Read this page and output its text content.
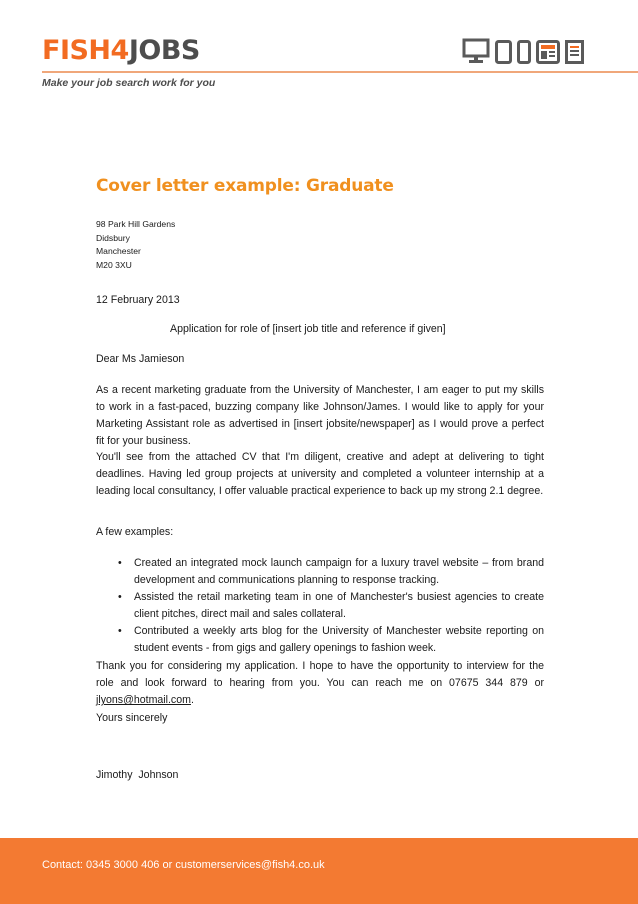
FISH4JOBS
Make your job search work for you
Cover letter example: Graduate
98 Park Hill Gardens
Didsbury
Manchester
M20 3XU
12 February 2013
Application for role of [insert job title and reference if given]
Dear Ms Jamieson
As a recent marketing graduate from the University of Manchester, I am eager to put my skills to work in a fast-paced, buzzing company like Johnson/James. I would like to apply for your Marketing Assistant role as advertised in [insert jobsite/newspaper] as I would prove a perfect fit for your business.
You'll see from the attached CV that I'm diligent, creative and adept at delivering to tight deadlines. Having led group projects at university and completed a volunteer internship at a leading local consultancy, I offer valuable practical experience to back up my strong 2.1 degree.
A few examples:
• Created an integrated mock launch campaign for a luxury travel website – from brand development and communications planning to response tracking.
• Assisted the retail marketing team in one of Manchester's busiest agencies to create client pitches, direct mail and sales collateral.
• Contributed a weekly arts blog for the University of Manchester website reporting on student events - from gigs and gallery openings to fashion week.
Thank you for considering my application. I hope to have the opportunity to interview for the role and look forward to hearing from you. You can reach me on 07675 344 879 or jlyons@hotmail.com.
Yours sincerely
Jimothy  Johnson
Contact: 0345 3000 406 or customerservices@fish4.co.uk
